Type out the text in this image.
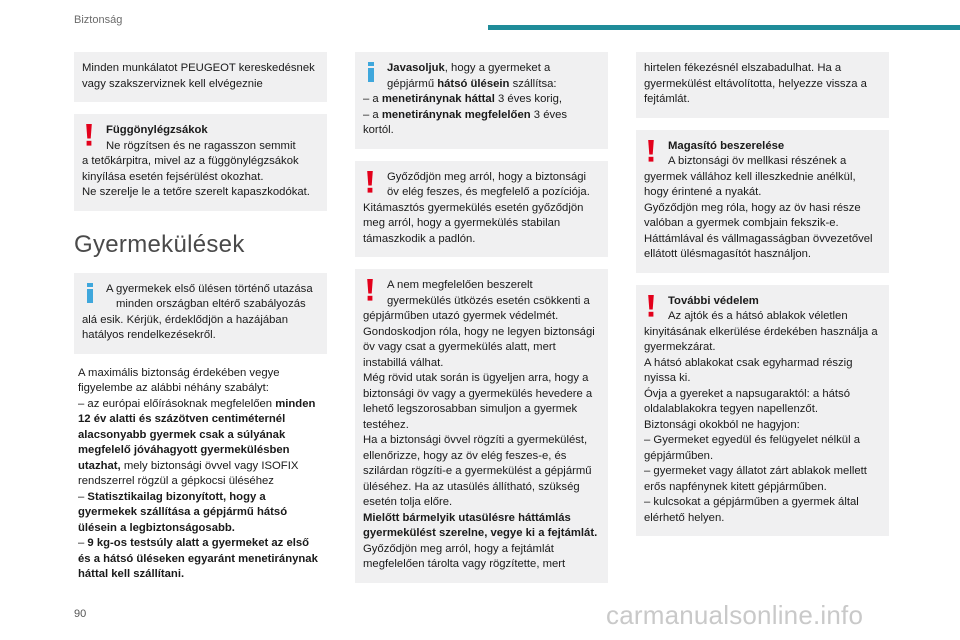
Biztonság

Minden munkálatot PEUGEOT kereskedésnek vagy szakszerviznek kell elvégeznie

Függönylégzsákok

Ne rögzítsen és ne ragasszon semmit

a tetőkárpitra, mivel az a függönylégzsákok kinyílása esetén fejsérülést okozhat.

Ne szerelje le a tetőre szerelt kapaszkodókat.

Gyermekülések

A gyermekek első ülésen történő utazása

minden országban eltérő szabályozás

alá esik. Kérjük, érdeklődjön a hazájában hatályos rendelkezésekről.

A maximális biztonság érdekében vegye figyelembe az alábbi néhány szabályt:

– az európai előírásoknak megfelelően minden 12 év alatti és százötven centiméternél alacsonyabb gyermek csak a súlyának megfelelő jóváhagyott gyermekülésben utazhat, mely biztonsági övvel vagy ISOFIX rendszerrel rögzül a gépkocsi üléséhez

– Statisztikailag bizonyított, hogy a gyermekek szállítása a gépjármű hátsó ülésein a legbiztonságosabb.

– 9 kg-os testsúly alatt a gyermeket az első és a hátsó üléseken egyaránt menetiránynak háttal kell szállítani.

Javasoljuk, hogy a gyermeket a

gépjármű hátsó ülésein szállítsa:

– a menetiránynak háttal 3 éves korig,

– a menetiránynak megfelelően 3 éves kortól.

Győződjön meg arról, hogy a biztonsági

öv elég feszes, és megfelelő a pozíciója.

Kitámasztós gyermekülés esetén győződjön meg arról, hogy a gyermekülés stabilan támaszkodik a padlón.

A nem megfelelően beszerelt

gyermekülés ütközés esetén csökkenti a

gépjárműben utazó gyermek védelmét. Gondoskodjon róla, hogy ne legyen biztonsági öv vagy csat a gyermekülés alatt, mert instabillá válhat.

Még rövid utak során is ügyeljen arra, hogy a biztonsági öv vagy a gyermekülés hevedere a lehető legszorosabban simuljon a gyermek testéhez.

Ha a biztonsági övvel rögzíti a gyermekülést, ellenőrizze, hogy az öv elég feszes-e, és szilárdan rögzíti-e a gyermekülést a gépjármű üléséhez. Ha az utasülés állítható, szükség esetén tolja előre.

Mielőtt bármelyik utasülésre háttámlás gyermekülést szerelne, vegye ki a fejtámlát.

Győződjön meg arról, hogy a fejtámlát megfelelően tárolta vagy rögzítette, mert

hirtelen fékezésnél elszabadulhat. Ha a gyermekülést eltávolította, helyezze vissza a fejtámlát.

Magasító beszerelése

A biztonsági öv mellkasi részének a

gyermek vállához kell illeszkednie anélkül, hogy érintené a nyakát.

Győződjön meg róla, hogy az öv hasi része valóban a gyermek combjain fekszik-e.

Háttámlával és vállmagasságban övvezetővel ellátott ülésmagasítót használjon.

További védelem

Az ajtók és a hátsó ablakok véletlen

kinyitásának elkerülése érdekében használja a gyermekzárat.

A hátsó ablakokat csak egyharmad részig nyissa ki.

Óvja a gyereket a napsugaraktól: a hátsó oldalablakokra tegyen napellenzőt.

Biztonsági okokból ne hagyjon:

– Gyermeket egyedül és felügyelet nélkül a gépjárműben.

– gyermeket vagy állatot zárt ablakok mellett erős napfénynek kitett gépjárműben.

– kulcsokat a gépjárműben a gyermek által elérhető helyen.

90	carmanualsonline.info
